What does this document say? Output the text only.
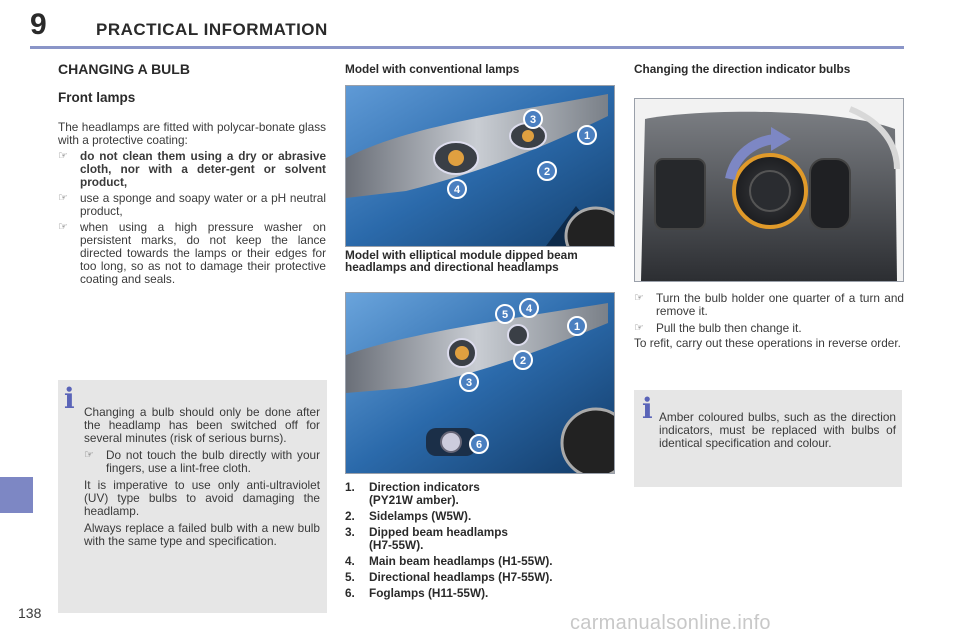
9	PRACTICAL INFORMATION
138
CHANGING A BULB
Front lamps
The headlamps are fitted with polycar-bonate glass with a protective coating:
☞ do not clean them using a dry or abrasive cloth, nor with a deter-gent or solvent product,
☞ use a sponge and soapy water or a pH neutral product,
☞ when using a high pressure washer on persistent marks, do not keep the lance directed towards the lamps or their edges for too long, so as not to damage their protective coating and seals.
i Changing a bulb should only be done after the headlamp has been switched off for several minutes (risk of serious burns).

☞ Do not touch the bulb directly with your fingers, use a lint-free cloth.

It is imperative to use only anti-ultraviolet (UV) type bulbs to avoid damaging the headlamp.

Always replace a failed bulb with a new bulb with the same type and specification.

Model with conventional lamps
3
1
2
4
Model with elliptical module dipped beam headlamps and directional headlamps
5 4
1
2
3
6
1. Direction indicators
(PY21W amber).
2. Sidelamps (W5W).
3. Dipped beam headlamps
(H7-55W).
4. Main beam headlamps (H1-55W).
5. Directional headlamps (H7-55W).
6. Foglamps (H11-55W).
Changing the direction indicator bulbs
☞ Turn the bulb holder one quarter of a turn and remove it.
☞ Pull the bulb then change it.
To refit, carry out these operations in reverse order.
i Amber coloured bulbs, such as the direction indicators, must be replaced with bulbs of identical specification and colour.
carmanualsonline.info
